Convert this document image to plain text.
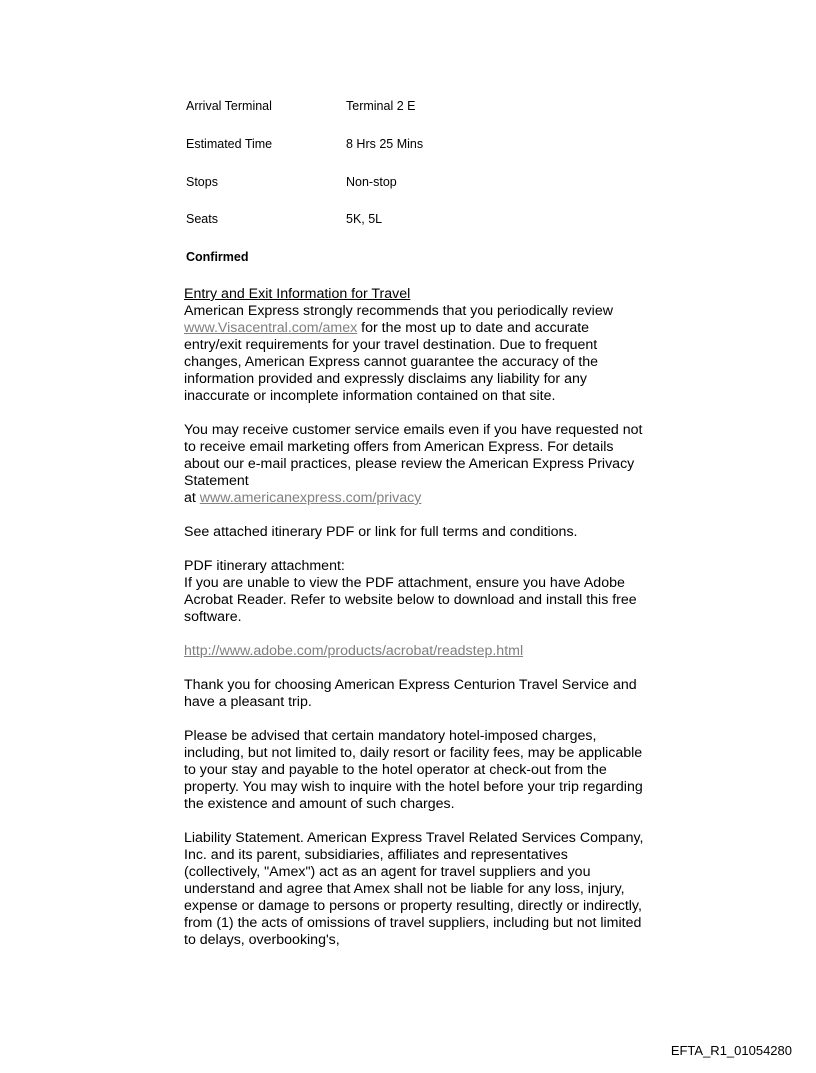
Arrival Terminal	Terminal 2 E
Estimated Time	8 Hrs 25 Mins
Stops	Non-stop
Seats	5K, 5L
Confirmed

Entry and Exit Information for Travel
American Express strongly recommends that you periodically review www.Visacentral.com/amex for the most up to date and accurate entry/exit requirements for your travel destination. Due to frequent changes, American Express cannot guarantee the accuracy of the information provided and expressly disclaims any liability for any inaccurate or incomplete information contained on that site.

You may receive customer service emails even if you have requested not to receive email marketing offers from American Express. For details about our e-mail practices, please review the American Express Privacy Statement
at www.americanexpress.com/privacy

See attached itinerary PDF or link for full terms and conditions.

PDF itinerary attachment:
If you are unable to view the PDF attachment, ensure you have Adobe Acrobat Reader. Refer to website below to download and install this free software.

http://www.adobe.com/products/acrobat/readstep.html

Thank you for choosing American Express Centurion Travel Service and have a pleasant trip.

Please be advised that certain mandatory hotel-imposed charges, including, but not limited to, daily resort or facility fees, may be applicable to your stay and payable to the hotel operator at check-out from the property. You may wish to inquire with the hotel before your trip regarding the existence and amount of such charges.

Liability Statement. American Express Travel Related Services Company, Inc. and its parent, subsidiaries, affiliates and representatives (collectively, "Amex") act as an agent for travel suppliers and you understand and agree that Amex shall not be liable for any loss, injury, expense or damage to persons or property resulting, directly or indirectly, from (1) the acts of omissions of travel suppliers, including but not limited to delays, overbooking's,

EFTA_R1_01054280
